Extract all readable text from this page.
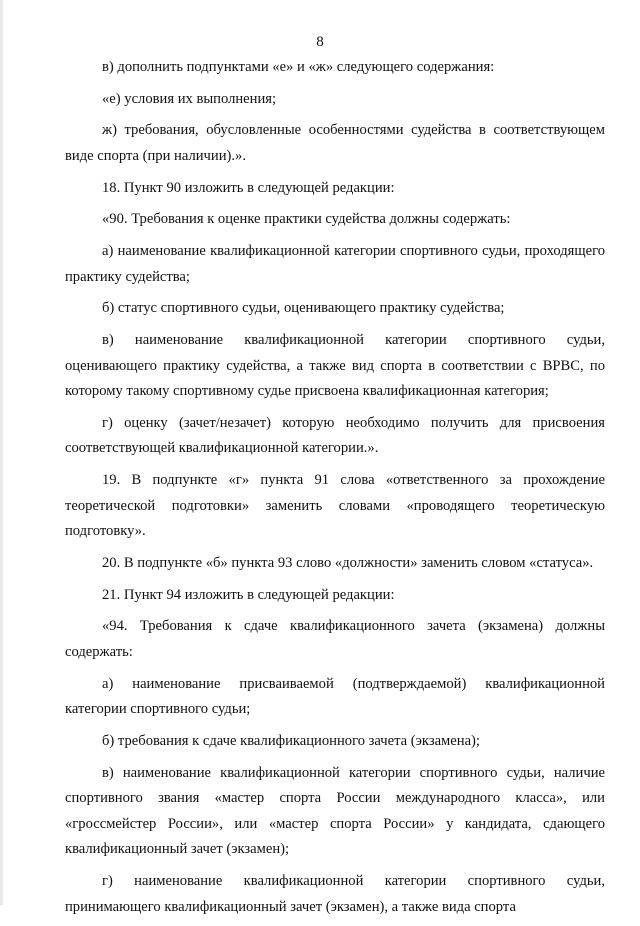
8

в) дополнить подпунктами «е» и «ж» следующего содержания:

«е) условия их выполнения;

ж) требования, обусловленные особенностями судейства в соответствующем виде спорта (при наличии).».

18. Пункт 90 изложить в следующей редакции:

«90. Требования к оценке практики судейства должны содержать:

а) наименование квалификационной категории спортивного судьи, проходящего практику судейства;

б) статус спортивного судьи, оценивающего практику судейства;

в) наименование квалификационной категории спортивного судьи, оценивающего практику судейства, а также вид спорта в соответствии с ВРВС, по которому такому спортивному судье присвоена квалификационная категория;

г) оценку (зачет/незачет) которую необходимо получить для присвоения соответствующей квалификационной категории.».

19. В подпункте «г» пункта 91 слова «ответственного за прохождение теоретической подготовки» заменить словами «проводящего теоретическую подготовку».

20. В подпункте «б» пункта 93 слово «должности» заменить словом «статуса».

21. Пункт 94 изложить в следующей редакции:

«94. Требования к сдаче квалификационного зачета (экзамена) должны содержать:

а) наименование присваиваемой (подтверждаемой) квалификационной категории спортивного судьи;

б) требования к сдаче квалификационного зачета (экзамена);

в) наименование квалификационной категории спортивного судьи, наличие спортивного звания «мастер спорта России международного класса», или «гроссмейстер России», или «мастер спорта России» у кандидата, сдающего квалификационный зачет (экзамен);

г) наименование квалификационной категории спортивного судьи, принимающего квалификационный зачет (экзамен), а также вида спорта
